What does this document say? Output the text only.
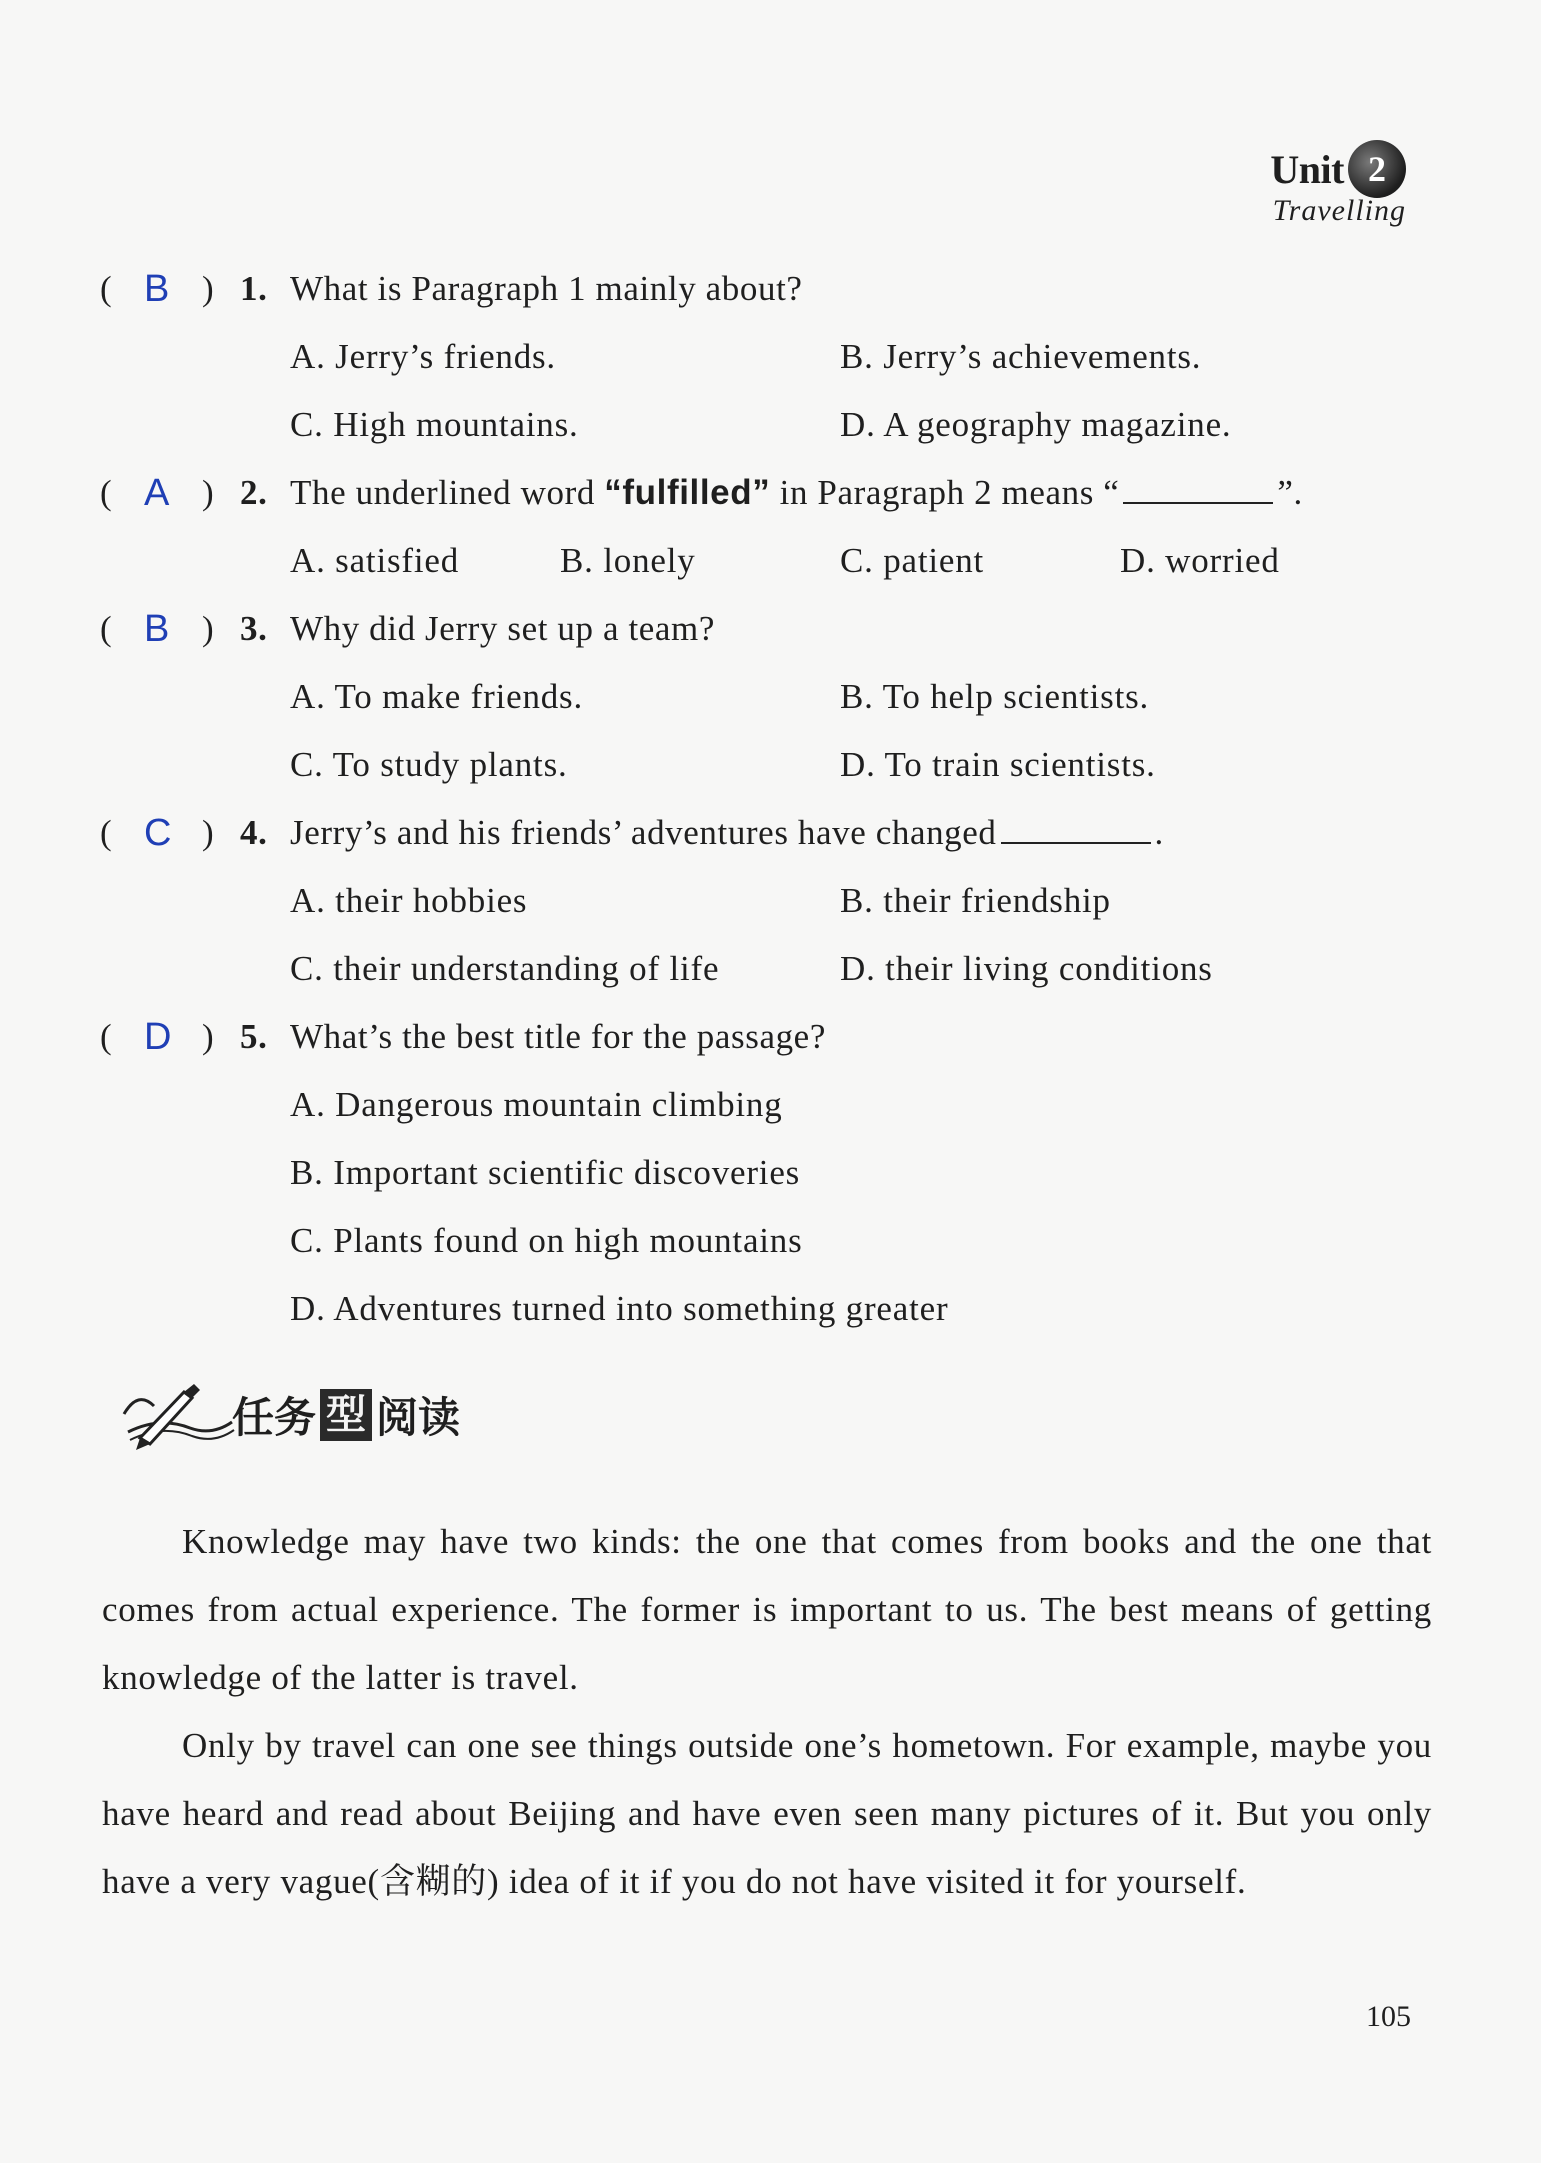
Unit 2
Travelling
( B ) 1. What is Paragraph 1 mainly about?
A. Jerry’s friends.	B. Jerry’s achievements.
C. High mountains.	D. A geography magazine.
( A ) 2. The underlined word “fulfilled” in Paragraph 2 means “	”.
A. satisfied	B. lonely	C. patient	D. worried
( B ) 3. Why did Jerry set up a team?
A. To make friends.	B. To help scientists.
C. To study plants.	D. To train scientists.
( C ) 4. Jerry’s and his friends’ adventures have changed	.
A. their hobbies	B. their friendship
C. their understanding of life	D. their living conditions
( D ) 5. What’s the best title for the passage?
A. Dangerous mountain climbing
B. Important scientific discoveries
C. Plants found on high mountains
D. Adventures turned into something greater
任务 型 阅读

Knowledge may have two kinds: the one that comes from books and the one that comes from actual experience. The former is important to us. The best means of getting knowledge of the latter is travel.

Only by travel can one see things outside one’s hometown. For example, maybe you have heard and read about Beijing and have even seen many pictures of it. But you only have a very vague(含糊的) idea of it if you do not have visited it for yourself.

105
